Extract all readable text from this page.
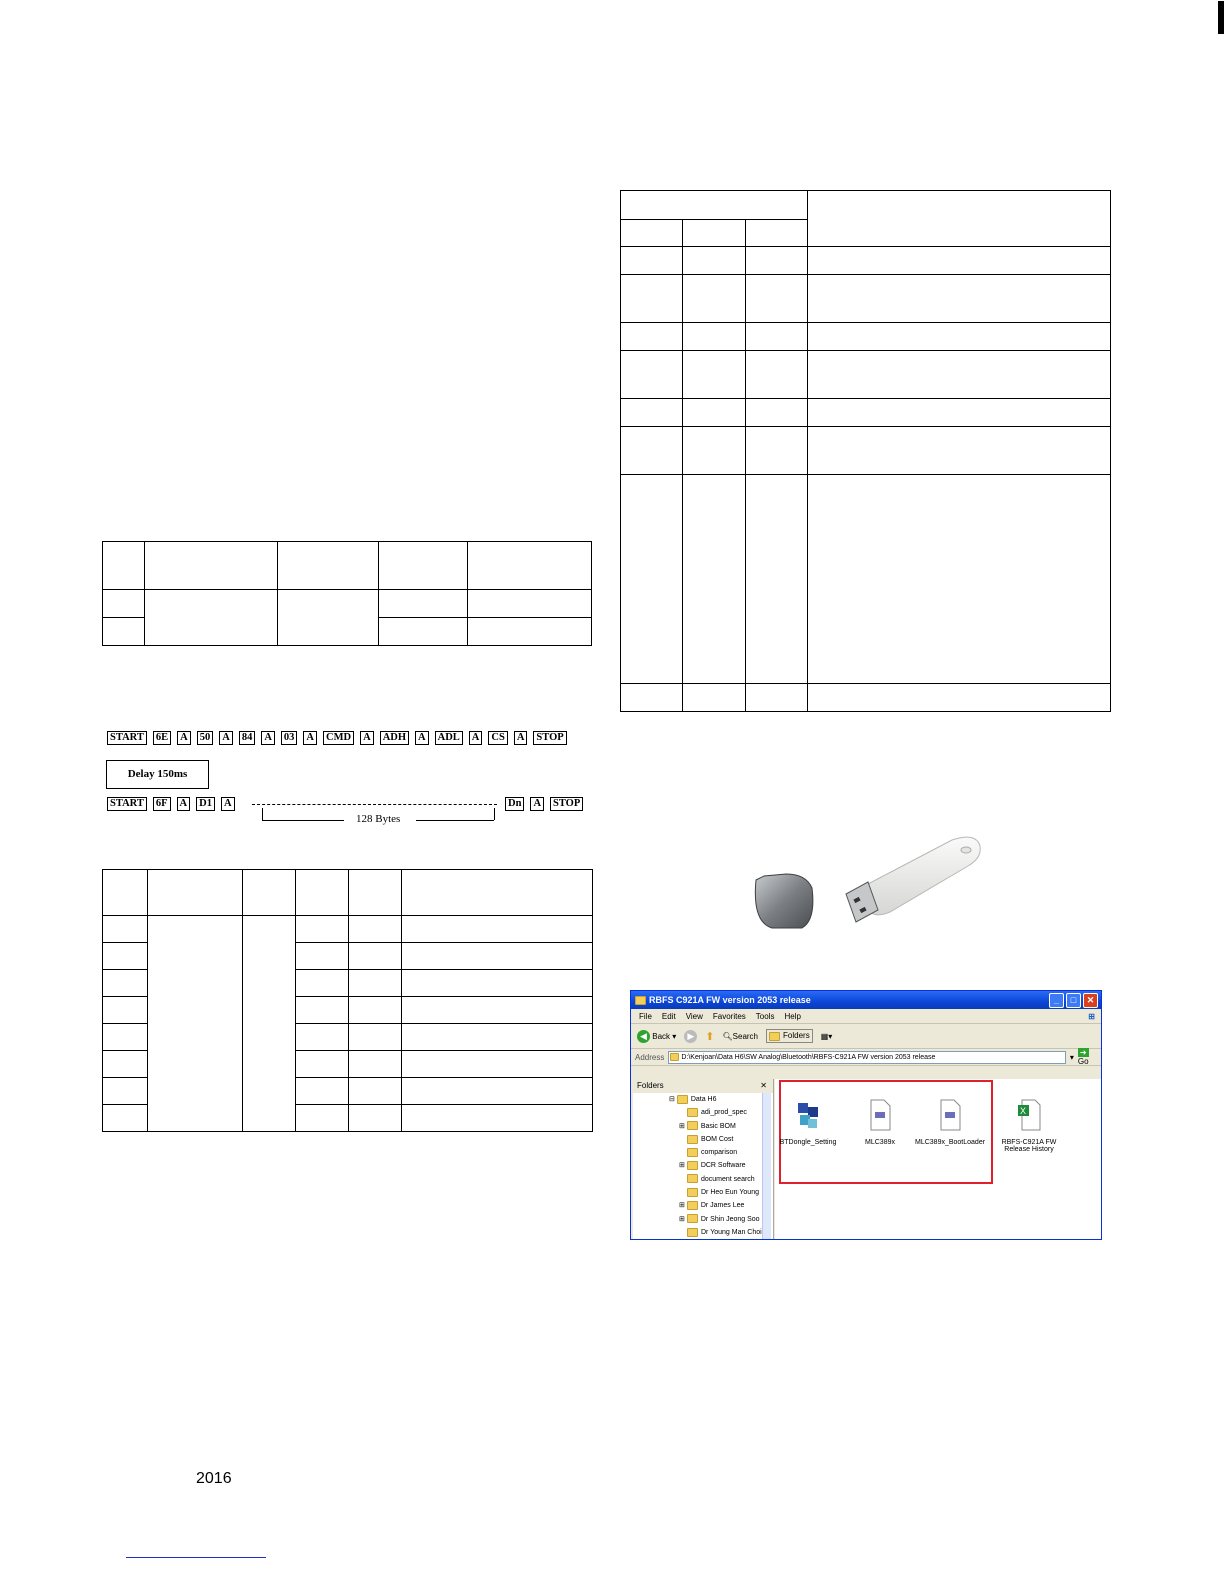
START 6E A 50 A 84 A 03 A CMD A ADH A ADL A CS A STOP
Delay 150ms
START 6F A D1 A	Dn A STOP
128 Bytes

RBFS C921A FW version 2053 release	_	□	✕
File Edit View Favorites Tools Help	⊞
◀ Back ▾	▶ ⬆ 🔍︎Search	Folders	▦▾
Address	D:\Kenjoan\Data H6\SW Analog\Bluetooth\RBFS-C921A FW version 2053 release	▾ ➜ Go
Folders	✕
⊟ Data H6
adi_prod_spec
⊞ Basic BOM
BOM Cost
comparison
⊞ DCR Software
document search
Dr Heo Eun Young
⊞ Dr James Lee
⊞ Dr Shin Jeong Soo
Dr Young Man Choi
BTDongle_Setting	MLC389x	MLC389x_BootLoader
X
RBFS-C921A FW Release History
2016
